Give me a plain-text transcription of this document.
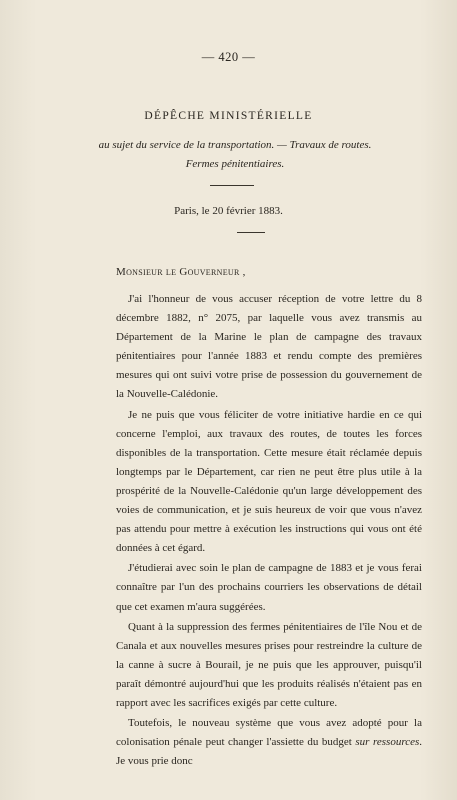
— 420 —
DÉPÊCHE MINISTÉRIELLE
au sujet du service de la transportation. — Travaux de routes.
Fermes pénitentiaires.
Paris, le 20 février 1883.
Monsieur le Gouverneur ,

J'ai l'honneur de vous accuser réception de votre lettre du 8 décembre 1882, n° 2075, par laquelle vous avez transmis au Département de la Marine le plan de campagne des travaux pénitentiaires pour l'année 1883 et rendu compte des premières mesures qui ont suivi votre prise de possession du gouvernement de la Nouvelle-Calédonie.

Je ne puis que vous féliciter de votre initiative hardie en ce qui concerne l'emploi, aux travaux des routes, de toutes les forces disponibles de la transportation. Cette mesure était réclamée depuis longtemps par le Département, car rien ne peut être plus utile à la prospérité de la Nouvelle-Calédonie qu'un large développement des voies de communication, et je suis heureux de voir que vous n'avez pas attendu pour mettre à exécution les instructions qui vous ont été données à cet égard.

J'étudierai avec soin le plan de campagne de 1883 et je vous ferai connaître par l'un des prochains courriers les observations de détail que cet examen m'aura suggérées.

Quant à la suppression des fermes pénitentiaires de l'île Nou et de Canala et aux nouvelles mesures prises pour restreindre la culture de la canne à sucre à Bourail, je ne puis que les approuver, puisqu'il paraît démontré aujourd'hui que les produits réalisés n'étaient pas en rapport avec les sacrifices exigés par cette culture.

Toutefois, le nouveau système que vous avez adopté pour la colonisation pénale peut changer l'assiette du budget sur ressources. Je vous prie donc
